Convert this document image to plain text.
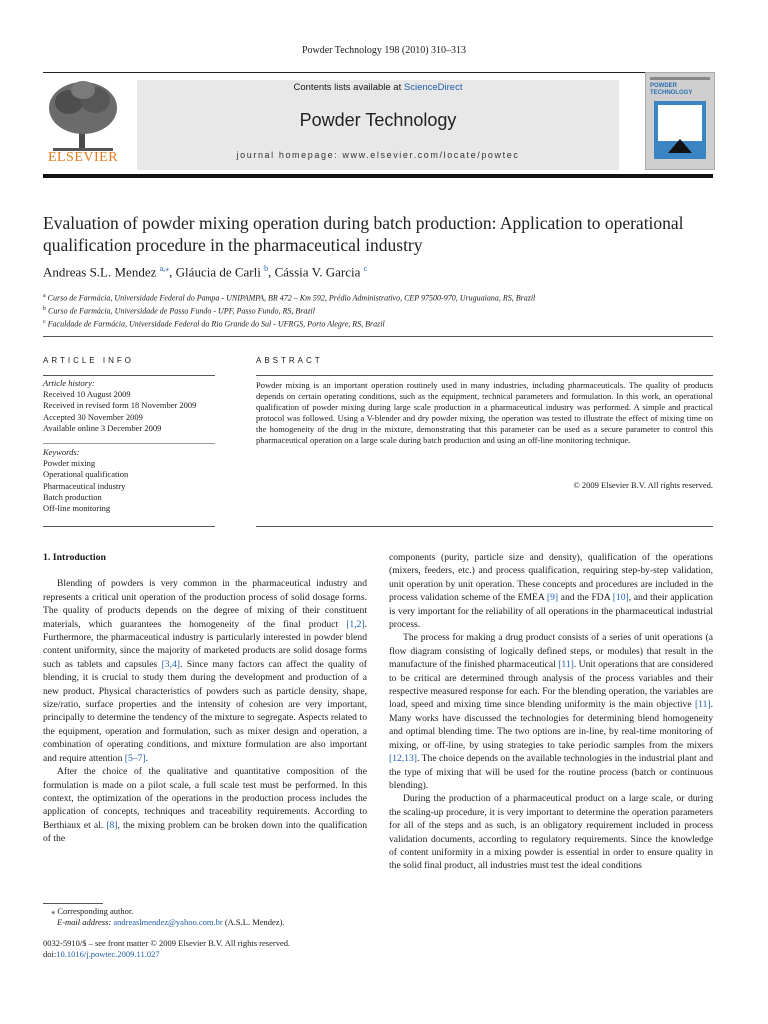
Powder Technology 198 (2010) 310–313
ELSEVIER
Contents lists available at ScienceDirect
Powder Technology
journal homepage: www.elsevier.com/locate/powtec
POWDER TECHNOLOGY
Evaluation of powder mixing operation during batch production: Application to operational qualification procedure in the pharmaceutical industry
Andreas S.L. Mendez $^{a,⁎}$, Gláucia de Carli $^b$, Cássia V. Garcia $^c$
$^a$ Curso de Farmácia, Universidade Federal do Pampa - UNIPAMPA, BR 472 – Km 592, Prédio Administrativo, CEP 97500-970, Uruguaiana, RS, Brazil
$^b$ Curso de Farmácia, Universidade de Passo Fundo - UPF, Passo Fundo, RS, Brazil
$^c$ Faculdade de Farmácia, Universidade Federal do Rio Grande do Sul - UFRGS, Porto Alegre, RS, Brazil
ARTICLE INFO	ABSTRACT
Article history:
Received 10 August 2009
Received in revised form 18 November 2009
Accepted 30 November 2009
Available online 3 December 2009
Keywords:
Powder mixing
Operational qualification
Pharmaceutical industry
Batch production
Off-line monitoring
Powder mixing is an important operation routinely used in many industries, including pharmaceuticals. The quality of products depends on certain operating conditions, such as the equipment, technical parameters and formulation. In this work, an operational qualification of powder mixing during large scale production in a pharmaceutical industry was performed. A simple and practical protocol was followed. Using a V-blender and dry powder mixing, the operation was tested to illustrate the effect of mixing time on the homogeneity of the drug in the mixture, demonstrating that this parameter can be used as a secure parameter to control this pharmaceutical operation on a large scale during batch production and using an off-line monitoring technique.
© 2009 Elsevier B.V. All rights reserved.

1. Introduction

Blending of powders is very common in the pharmaceutical industry and represents a critical unit operation of the production process of solid dosage forms. The quality of products depends on the degree of mixing of their constituent materials, which guarantees the homogeneity of the final product [1,2]. Furthermore, the pharmaceutical industry is particularly interested in powder blend content uniformity, since the majority of marketed products are solid dosage forms such as tablets and capsules [3,4]. Since many factors can affect the quality of blending, it is crucial to study them during the development and production of a new product. Physical characteristics of powders such as particle density, shape, size/ratio, surface properties and the intensity of cohesion are very important, principally to determine the tendency of the mixture to segregate. Aspects related to the equipment, operation and formulation, such as mixer design and operation, a combination of operating conditions, and mixture formulation are also important and require attention [5–7].

After the choice of the qualitative and quantitative composition of the formulation is made on a pilot scale, a full scale test must be performed. In this context, the optimization of the operations in the production process includes the application of concepts, techniques and traceability requirements. According to Berthiaux et al. [8], the mixing problem can be broken down into the qualification of the

components (purity, particle size and density), qualification of the operations (mixers, feeders, etc.) and process qualification, requiring step-by-step validation, unit operation by unit operation. These concepts and procedures are included in the process validation scheme of the EMEA [9] and the FDA [10], and their application is very important for the reliability of all operations in the pharmaceutical industrial process.

The process for making a drug product consists of a series of unit operations (a flow diagram consisting of logically defined steps, or modules) that result in the manufacture of the finished pharmaceutical [11]. Unit operations that are considered to be critical are determined through analysis of the process variables and their respective measured response for each. For the blending operation, the variables are load, speed and mixing time since blending uniformity is the main objective [11]. Many works have discussed the technologies for determining blend homogeneity and optimal blending time. The two options are in-line, by real-time monitoring of mixing, or off-line, by using strategies to take periodic samples from the mixers [12,13]. The choice depends on the available technologies in the industrial plant and the type of mixing that will be used for the routine process (batch or continuous blending).

During the production of a pharmaceutical product on a large scale, or during the scaling-up procedure, it is very important to determine the operation parameters for all of the steps and as such, is an obligatory requirement included in process validation documents, according to regulatory requirements. Since the knowledge of content uniformity in a mixing powder is essential in order to ensure quality in the solid final product, all industries must test the ideal conditions

⁎ Corresponding author.
E-mail address: andreaslmendez@yahoo.com.br (A.S.L. Mendez).
0032-5910/$ – see front matter © 2009 Elsevier B.V. All rights reserved.
doi:10.1016/j.powtec.2009.11.027
